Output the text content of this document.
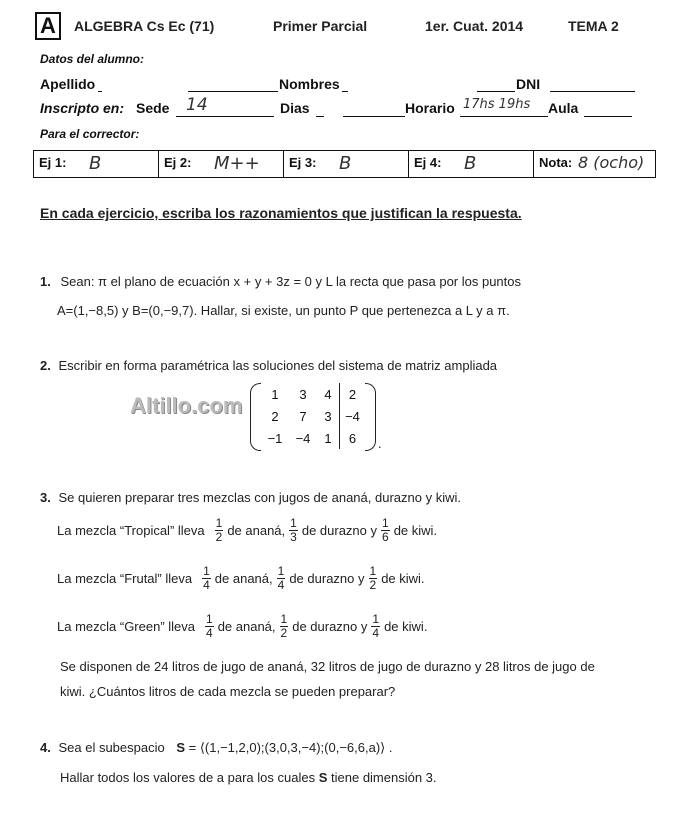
A ALGEBRA Cs Ec (71)	Primer Parcial	1er. Cuat. 2014	TEMA 2
Datos del alumno:
Apellido	Nombres	DNI
Inscripto en: Sede 14	Dias	Horario 17hs 19hs Aula
Para el corrector:
Ej 1: B	Ej 2: M++ Ej 3: B	Ej 4: B	Nota: 8 (ocho)
En cada ejercicio, escriba los razonamientos que justifican la respuesta.
1. Sean: π el plano de ecuación x + y + 3z = 0 y L la recta que pasa por los puntos
A=(1,−8,5) y B=(0,−9,7). Hallar, si existe, un punto P que pertenezca a L y a π.
2. Escribir en forma paramétrica las soluciones del sistema de matriz ampliada
Altillo.com	1	3	4	2
2	7	3	−4
−1	−4	1	6	.
3. Se quieren preparar tres mezclas con jugos de ananá, durazno y kiwi.
La mezcla “Tropical” lleva $\frac{1}{2}$ de ananá, $\frac{1}{3}$ de durazno y $\frac{1}{6}$ de kiwi.
La mezcla “Frutal” lleva $\frac{1}{4}$ de ananá, $\frac{1}{4}$ de durazno y $\frac{1}{2}$ de kiwi.
La mezcla “Green” lleva $\frac{1}{4}$ de ananá, $\frac{1}{2}$ de durazno y $\frac{1}{4}$ de kiwi.
Se disponen de 24 litros de jugo de ananá, 32 litros de jugo de durazno y 28 litros de jugo de
kiwi. ¿Cuántos litros de cada mezcla se pueden preparar?
4. Sea el subespacio S = ⟨(1,−1,2,0);(3,0,3,−4);(0,−6,6,a)⟩ .
Hallar todos los valores de a para los cuales S tiene dimensión 3.
